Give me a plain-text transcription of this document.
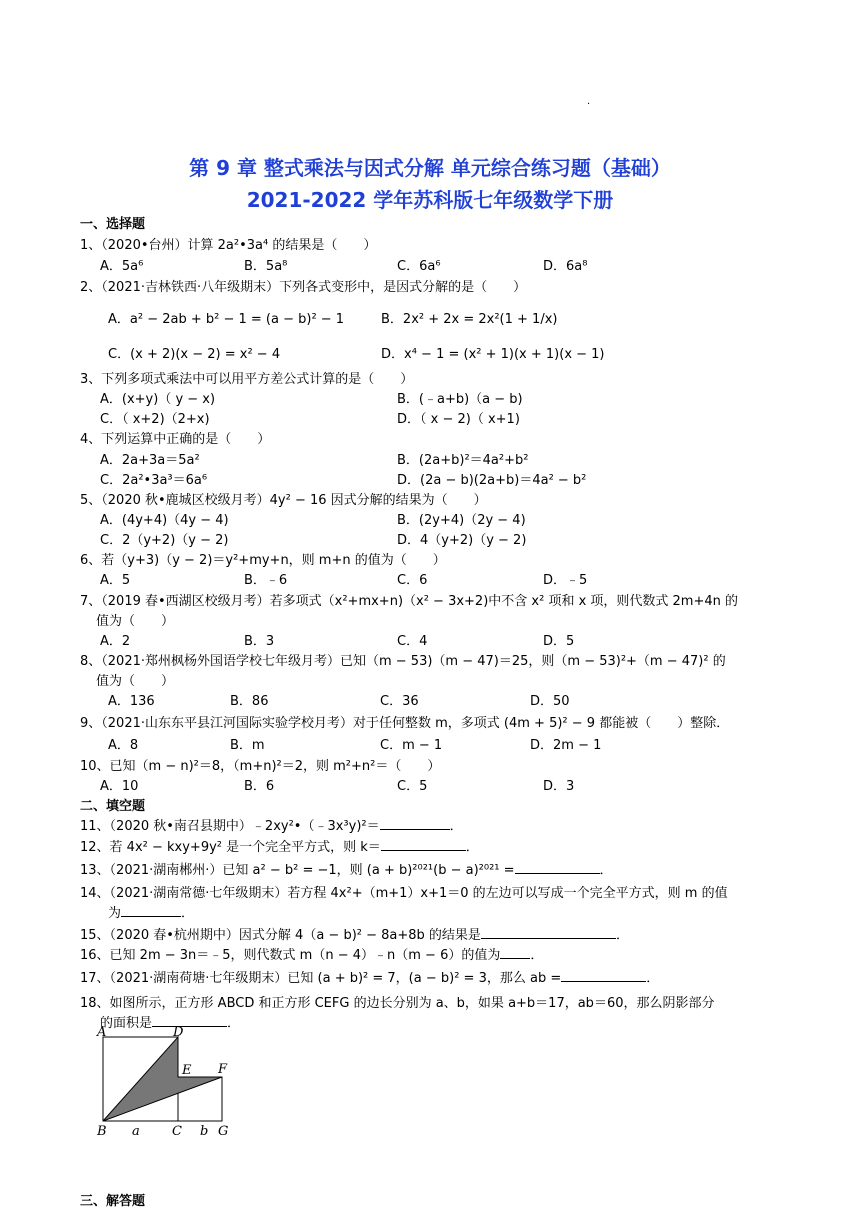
.
第 9 章 整式乘法与因式分解 单元综合练习题（基础）
2021-2022 学年苏科版七年级数学下册
一、选择题
1、（2020•台州）计算 2a²•3a⁴ 的结果是（　　）
A．5a⁶	B．5a⁸	C．6a⁶	D．6a⁸
2、（2021·吉林铁西·八年级期末）下列各式变形中，是因式分解的是（　　）
A．a² − 2ab + b² − 1 = (a − b)² − 1	B．2x² + 2x = 2x²(1 + 1/x)
C．(x + 2)(x − 2) = x² − 4	D．x⁴ − 1 = (x² + 1)(x + 1)(x − 1)
3、下列多项式乘法中可以用平方差公式计算的是（　　）
A．(x+y)（ y − x)	B．(﹣a+b)（a − b)
C．（ x+2)（2+x)	D．（ x − 2)（ x+1)
4、下列运算中正确的是（　　）
A．2a+3a＝5a²	B．(2a+b)²＝4a²+b²
C．2a²•3a³＝6a⁶	D．(2a − b)(2a+b)＝4a² − b²
5、（2020 秋•鹿城区校级月考）4y² − 16 因式分解的结果为（　　）
A．(4y+4)（4y − 4)	B．(2y+4)（2y − 4)
C．2（y+2)（y − 2)	D．4（y+2)（y − 2)
6、若（y+3)（y − 2)＝y²+my+n，则 m+n 的值为（　　）
A．5	B．﹣6	C．6	D．﹣5
7、（2019 春•西湖区校级月考）若多项式（x²+mx+n)（x² − 3x+2)中不含 x² 项和 x 项，则代数式 2m+4n 的
值为（　　）
A．2	B．3	C．4	D．5
8、（2021·郑州枫杨外国语学校七年级月考）已知（m − 53)（m − 47)＝25，则（m − 53)²+（m − 47)² 的
值为（　　）
A．136	B．86	C．36	D．50
9、（2021·山东东平县江河国际实验学校月考）对于任何整数 m，多项式 (4m + 5)² − 9 都能被（　　）整除．
A．8	B．m	C．m − 1	D．2m − 1
10、已知（m − n)²＝8，（m+n)²＝2，则 m²+n²＝（　　）
A．10	B．6	C．5	D．3
二、填空题
11、（2020 秋•南召县期中）﹣2xy²•（﹣3x³y)²＝	．
12、若 4x² − kxy+9y² 是一个完全平方式，则 k＝	．
13、（2021·湖南郴州·）已知 a² − b² = −1，则 (a + b)²⁰²¹(b − a)²⁰²¹ =	．
14、（2021·湖南常德·七年级期末）若方程 4x²+（m+1）x+1＝0 的左边可以写成一个完全平方式，则 m 的值
为	．
15、（2020 春•杭州期中）因式分解 4（a − b)² − 8a+8b 的结果是	．
16、已知 2m − 3n＝﹣5，则代数式 m（n − 4）﹣n（m − 6）的值为 ．
17、（2021·湖南荷塘·七年级期末）已知 (a + b)² = 7，(a − b)² = 3，那么 ab =	．
18、如图所示，正方形 ABCD 和正方形 CEFG 的边长分别为 a、b，如果 a+b＝17，ab＝60，那么阴影部分
的面积是	．
A	D
E F
B a C b G
三、解答题
